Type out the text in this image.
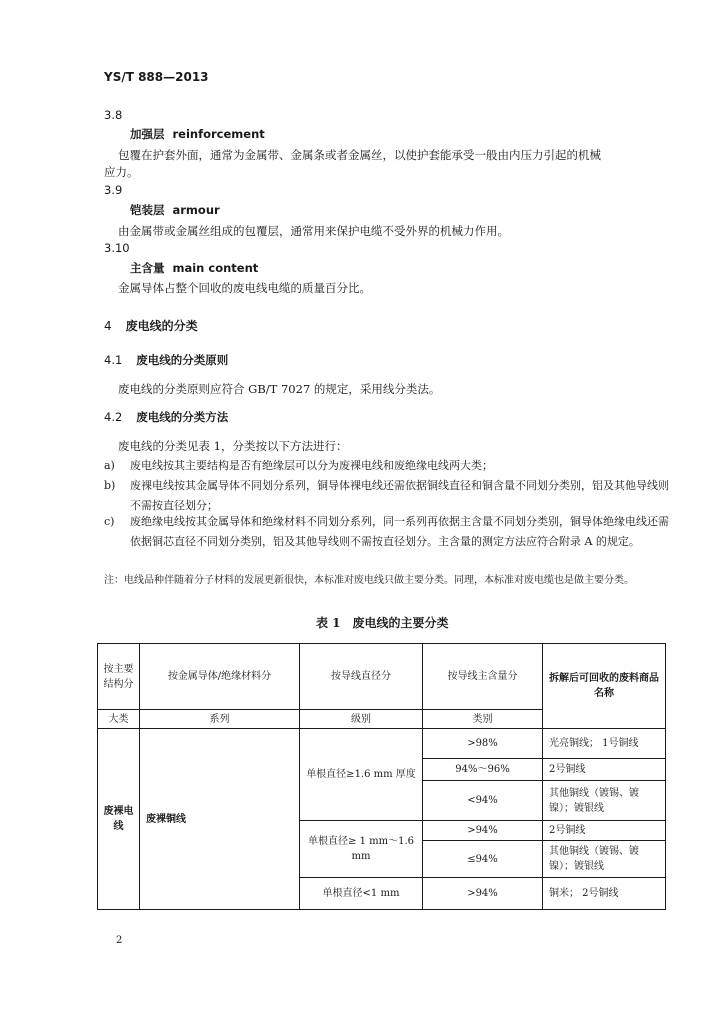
YS/T 888—2013
3.8
加强层 reinforcement
包覆在护套外面，通常为金属带、金属条或者金属丝，以使护套能承受一般由内压力引起的机械
应力。
3.9
铠装层 armour
由金属带或金属丝组成的包覆层，通常用来保护电缆不受外界的机械力作用。
3.10
主含量 main content
金属导体占整个回收的废电线电缆的质量百分比。
4 废电线的分类
4.1 废电线的分类原则
废电线的分类原则应符合 GB/T 7027 的规定，采用线分类法。
4.2 废电线的分类方法
废电线的分类见表 1，分类按以下方法进行：
a) 废电线按其主要结构是否有绝缘层可以分为废裸电线和废绝缘电线两大类；
b) 废裸电线按其金属导体不同划分系列，铜导体裸电线还需依据铜线直径和铜含量不同划分类别，铝及其他导线则不需按直径划分；
c) 废绝缘电线按其金属导体和绝缘材料不同划分系列，同一系列再依据主含量不同划分类别，铜导体绝缘电线还需依据铜芯直径不同划分类别，铝及其他导线则不需按直径划分。主含量的测定方法应符合附录 A 的规定。
注：电线品种伴随着分子材料的发展更新很快，本标准对废电线只做主要分类。同理，本标准对废电缆也是做主要分类。
表 1　废电线的主要分类
按主要结构分	按金属导体/绝缘材料分	按导线直径分	按导线主含量分	拆解后可回收的废料商品名称
大类	系列	级别	类别	
废裸电线	废裸铜线	单根直径≥1.6 mm 厚度	>98%	光亮铜线； 1号铜线
			94%～96%	2号铜线
			<94%	其他铜线（镀锡、镀镍）；镀银线
		单根直径≥ 1 mm～1.6 mm	>94%	2号铜线
			≤94%	其他铜线（镀锡、镀镍）；镀银线
		单根直径<1 mm	>94%	铜米； 2号铜线
2
